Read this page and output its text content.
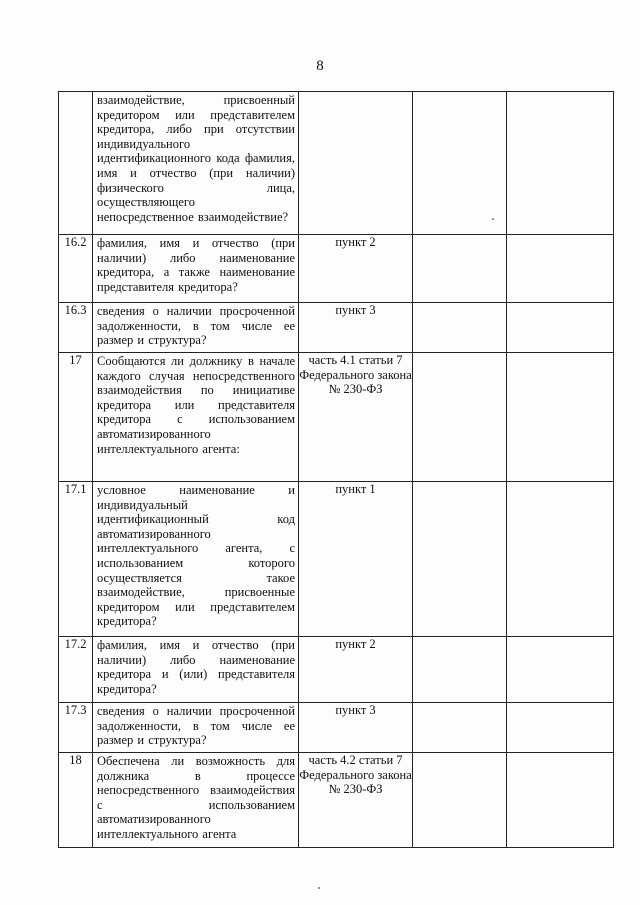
8

	взаимодействие, присвоенный кредитором или представителем кредитора, либо при отсутствии индивидуального идентификационного кода фамилия, имя и отчество (при наличии) физического лица, осуществляющего непосредственное взаимодействие?			

16.2	фамилия, имя и отчество (при наличии) либо наименование кредитора, а также наименование представителя кредитора?	пункт 2		
16.3	сведения о наличии просроченной задолженности, в том числе ее размер и структура?	пункт 3		
17	Сообщаются ли должнику в начале каждого случая непосредственного взаимодействия по инициативе кредитора или представителя кредитора с использованием автоматизированного интеллектуального агента:	часть 4.1 статьи 7 Федерального закона № 230-ФЗ		
17.1	условное наименование и индивидуальный идентификационный код автоматизированного интеллектуального агента, с использованием которого осуществляется такое взаимодействие, присвоенные кредитором или представителем кредитора?	пункт 1		
17.2	фамилия, имя и отчество (при наличии) либо наименование кредитора и (или) представителя кредитора?	пункт 2		
17.3	сведения о наличии просроченной задолженности, в том числе ее размер и структура?	пункт 3		
18	Обеспечена ли возможность для должника в процессе непосредственного взаимодействия с использованием автоматизированного интеллектуального агента	часть 4.2 статьи 7 Федерального закона № 230-ФЗ		
